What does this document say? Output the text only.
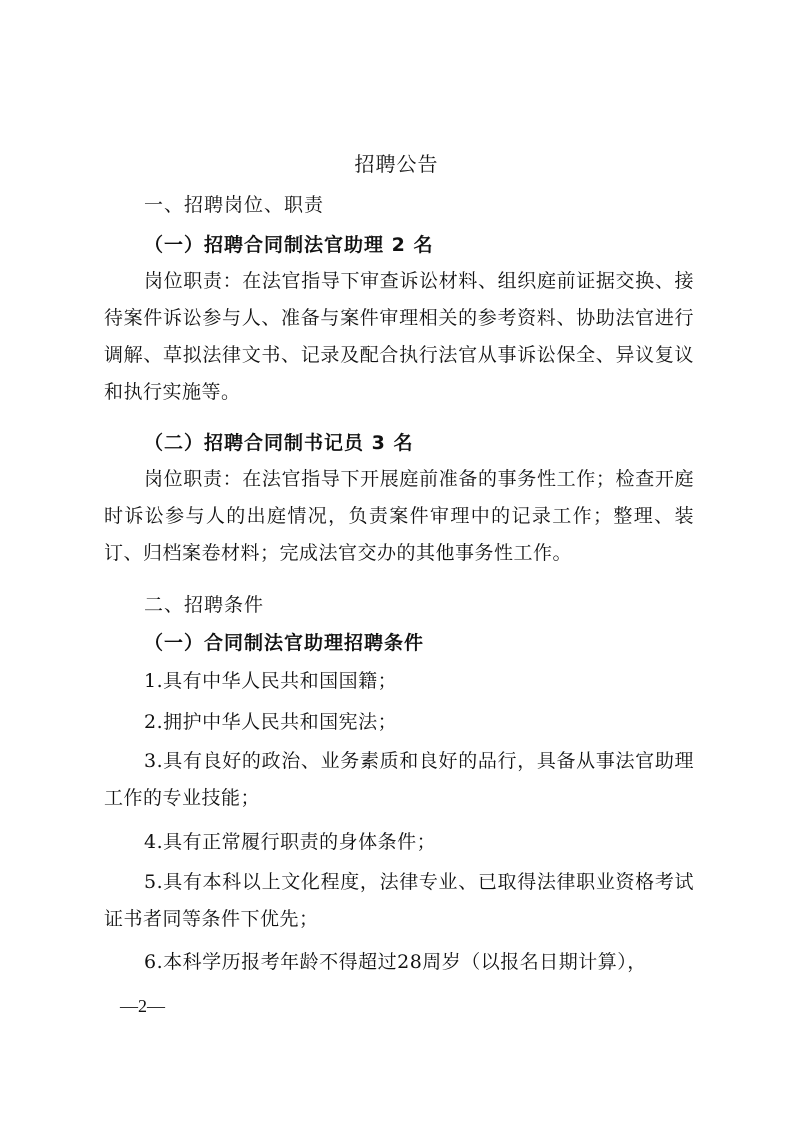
招聘公告
一、招聘岗位、职责
（一）招聘合同制法官助理 2 名
岗位职责：在法官指导下审查诉讼材料、组织庭前证据交换、接待案件诉讼参与人、准备与案件审理相关的参考资料、协助法官进行调解、草拟法律文书、记录及配合执行法官从事诉讼保全、异议复议和执行实施等。
（二）招聘合同制书记员 3 名
岗位职责：在法官指导下开展庭前准备的事务性工作；检查开庭时诉讼参与人的出庭情况，负责案件审理中的记录工作；整理、装订、归档案卷材料；完成法官交办的其他事务性工作。
二、招聘条件
（一）合同制法官助理招聘条件
1.具有中华人民共和国国籍；
2.拥护中华人民共和国宪法；
3.具有良好的政治、业务素质和良好的品行，具备从事法官助理工作的专业技能；
4.具有正常履行职责的身体条件；
5.具有本科以上文化程度，法律专业、已取得法律职业资格考试证书者同等条件下优先；
6.本科学历报考年龄不得超过28周岁（以报名日期计算），
—2—
